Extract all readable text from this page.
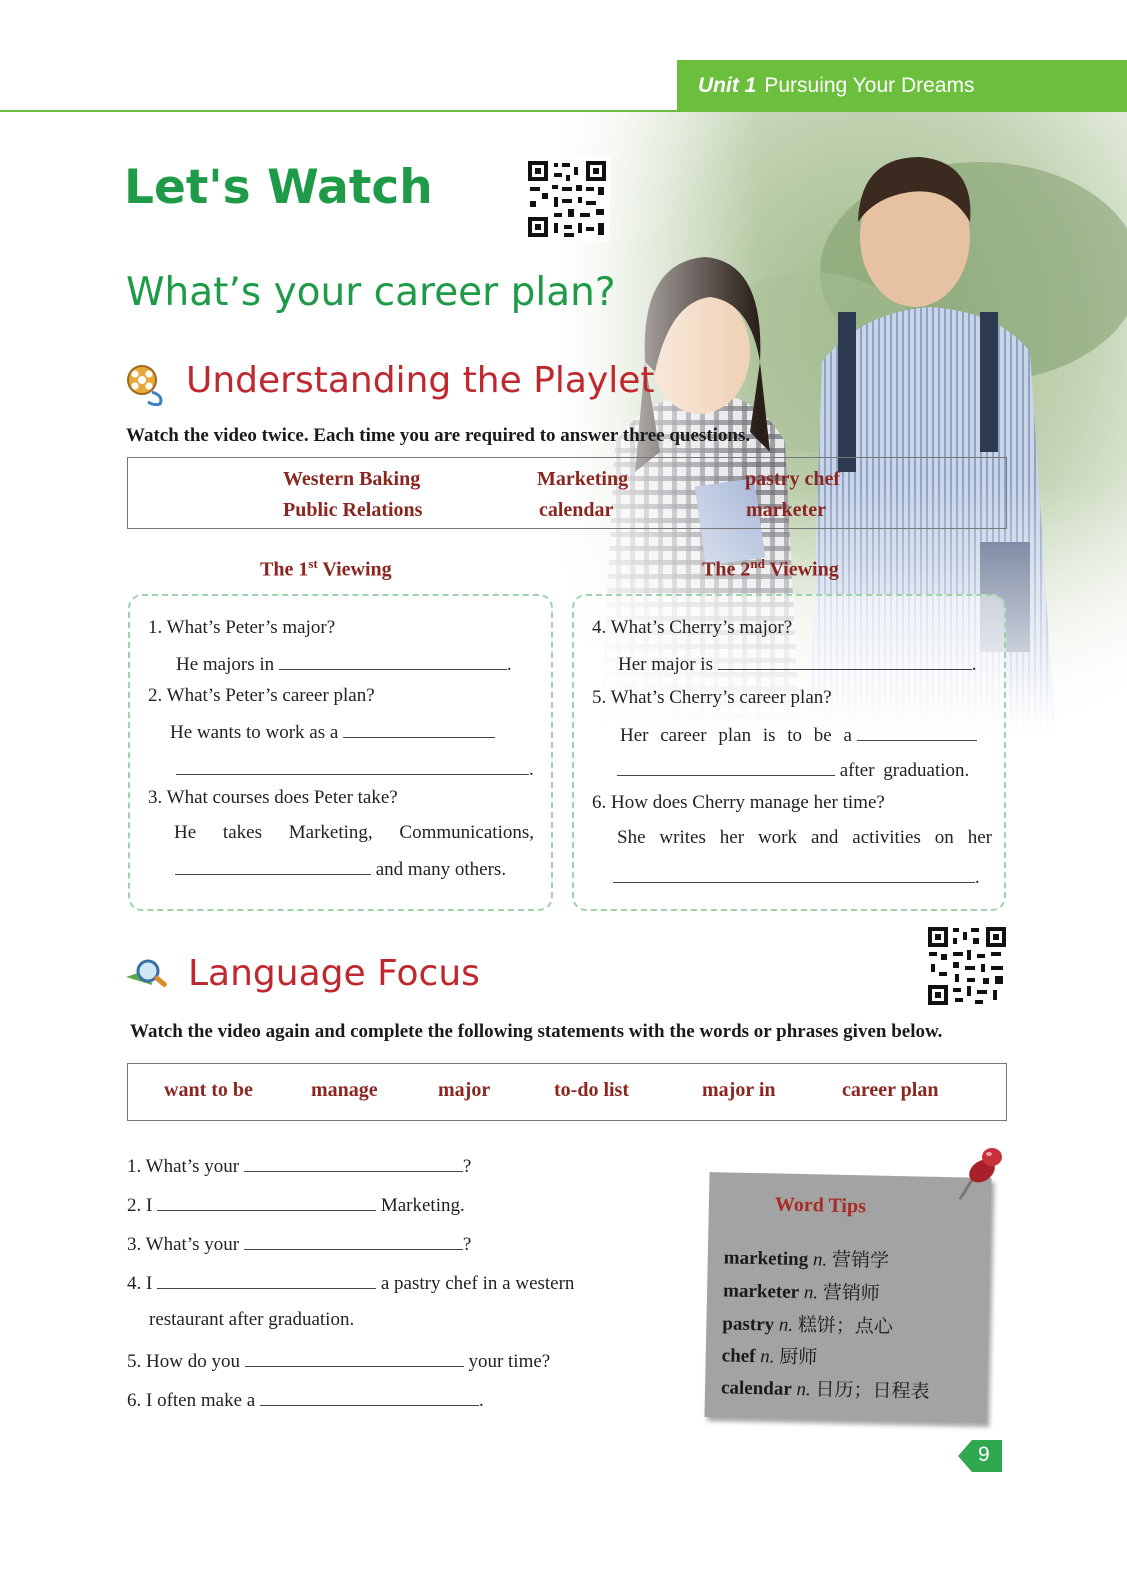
Unit 1 Pursuing Your Dreams
Let's Watch
What’s your career plan?
Understanding the Playlet
Watch the video twice. Each time you are required to answer three questions.
Western Baking	Marketing	pastry chef
Public Relations	calendar	marketer
The 1st Viewing	The 2nd Viewing
1. What’s Peter’s major?
He majors in	.
2. What’s Peter’s career plan?
He wants to work as a
.
3. What courses does Peter take?
He takes Marketing, Communications,
and many others.
4. What’s Cherry’s major?
Her major is	.
5. What’s Cherry’s career plan?
Her career plan is to be a
after graduation.
6. How does Cherry manage her time?
She writes her work and activities on her
.
Language Focus
Watch the video again and complete the following statements with the words or phrases given below.
want to be	manage	major	to-do list	major in	career plan
1. What’s your	?
2. I	Marketing.
3. What’s your	?
4. I	a pastry chef in a western
restaurant after graduation.
5. How do you	your time?
6. I often make a	.
Word Tips
marketing n. 营销学
marketer n. 营销师
pastry n. 糕饼；点心
chef n. 厨师
calendar n. 日历；日程表
9
